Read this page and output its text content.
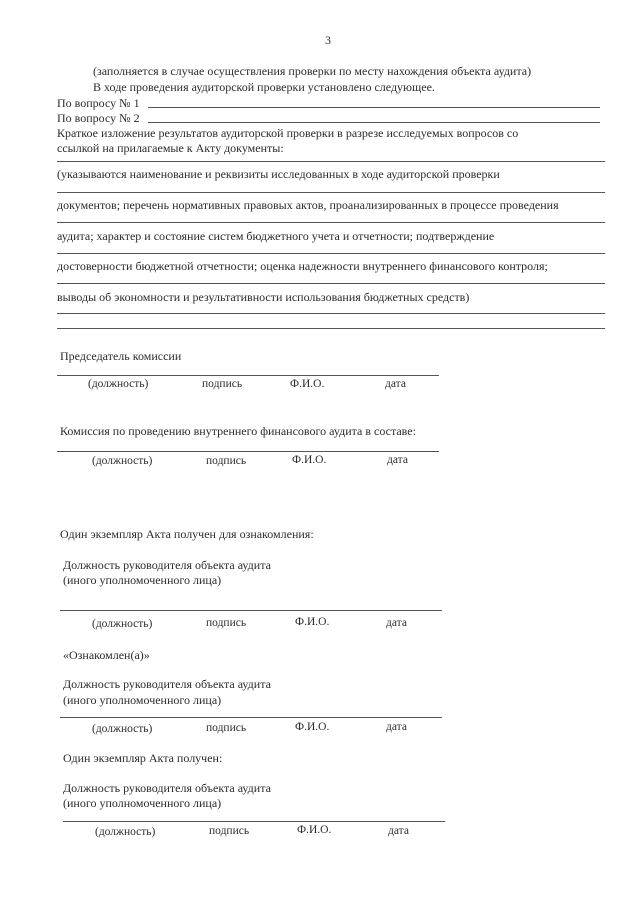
3
(заполняется в случае осуществления проверки по месту нахождения объекта аудита)
В ходе проведения аудиторской проверки установлено следующее.
По вопросу № 1
По вопросу № 2
Краткое изложение результатов аудиторской проверки в разрезе исследуемых вопросов со
ссылкой на прилагаемые к Акту документы:
(указываются наименование и реквизиты исследованных в ходе аудиторской проверки
документов; перечень нормативных правовых актов, проанализированных в процессе проведения
аудита; характер и состояние систем бюджетного учета и отчетности; подтверждение
достоверности бюджетной отчетности; оценка надежности внутреннего финансового контроля;
выводы об экономности и результативности использования бюджетных средств)
Председатель комиссии
(должность)	подпись	Ф.И.О.	дата
Комиссия по проведению внутреннего финансового аудита в составе:
(должность)	подпись	Ф.И.О.	дата
Один экземпляр Акта получен для ознакомления:
Должность руководителя объекта аудита
(иного уполномоченного лица)
(должность)	подпись	Ф.И.О.	дата
«Ознакомлен(а)»
Должность руководителя объекта аудита
(иного уполномоченного лица)
(должность)	подпись	Ф.И.О.	дата
Один экземпляр Акта получен:
Должность руководителя объекта аудита
(иного уполномоченного лица)
(должность)	подпись	Ф.И.О.	дата
